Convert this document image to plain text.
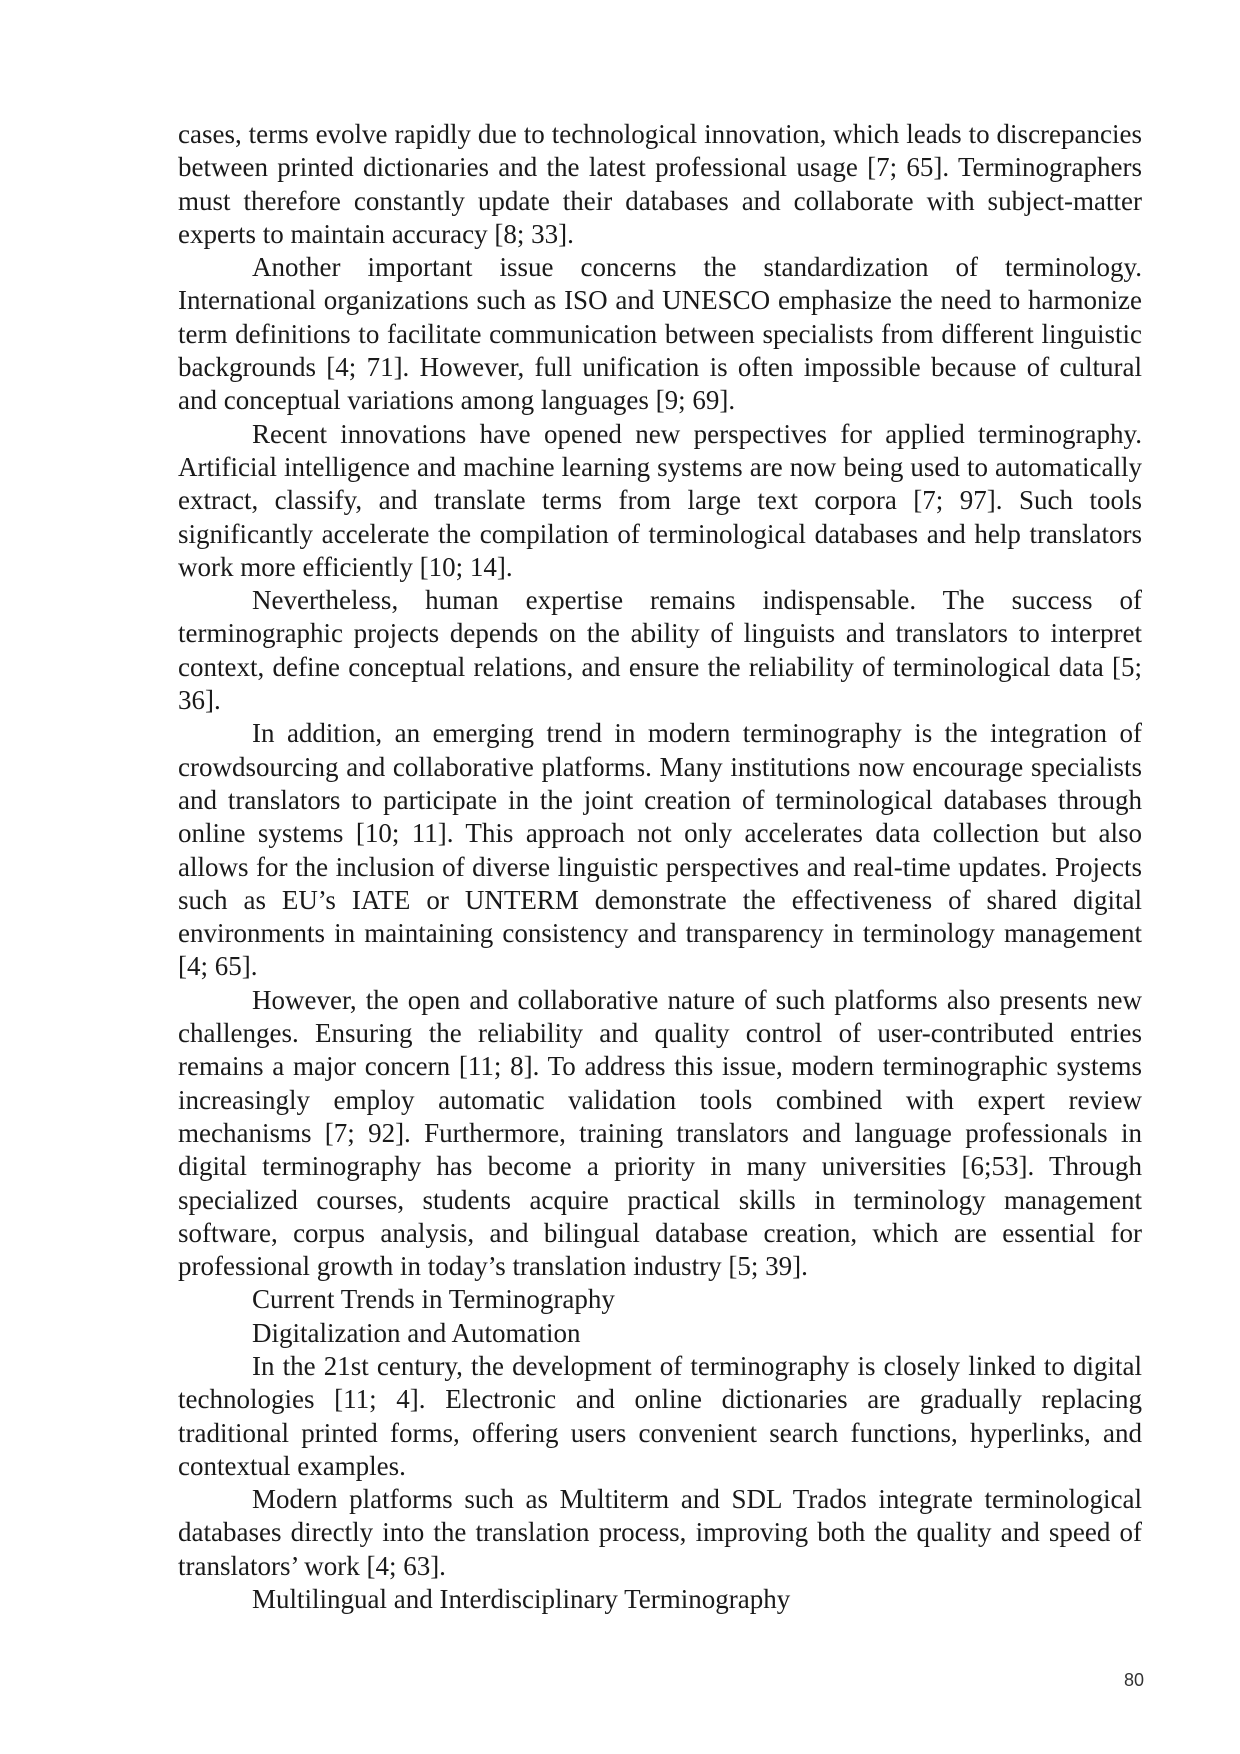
cases, terms evolve rapidly due to technological innovation, which leads to discrepancies between printed dictionaries and the latest professional usage [7; 65]. Terminographers must therefore constantly update their databases and collaborate with subject-matter experts to maintain accuracy [8; 33].

Another important issue concerns the standardization of terminology. International organizations such as ISO and UNESCO emphasize the need to harmonize term definitions to facilitate communication between specialists from different linguistic backgrounds [4; 71]. However, full unification is often impossible because of cultural and conceptual variations among languages [9; 69].

Recent innovations have opened new perspectives for applied terminography. Artificial intelligence and machine learning systems are now being used to automatically extract, classify, and translate terms from large text corpora [7; 97]. Such tools significantly accelerate the compilation of terminological databases and help translators work more efficiently [10; 14].

Nevertheless, human expertise remains indispensable. The success of terminographic projects depends on the ability of linguists and translators to interpret context, define conceptual relations, and ensure the reliability of terminological data [5; 36].

In addition, an emerging trend in modern terminography is the integration of crowdsourcing and collaborative platforms. Many institutions now encourage specialists and translators to participate in the joint creation of terminological databases through online systems [10; 11]. This approach not only accelerates data collection but also allows for the inclusion of diverse linguistic perspectives and real-time updates. Projects such as EU’s IATE or UNTERM demonstrate the effectiveness of shared digital environments in maintaining consistency and transparency in terminology management [4; 65].

However, the open and collaborative nature of such platforms also presents new challenges. Ensuring the reliability and quality control of user-contributed entries remains a major concern [11; 8]. To address this issue, modern terminographic systems increasingly employ automatic validation tools combined with expert review mechanisms [7; 92]. Furthermore, training translators and language professionals in digital terminography has become a priority in many universities [6;53]. Through specialized courses, students acquire practical skills in terminology management software, corpus analysis, and bilingual database creation, which are essential for professional growth in today’s translation industry [5; 39].

Current Trends in Terminography

Digitalization and Automation

In the 21st century, the development of terminography is closely linked to digital technologies [11; 4]. Electronic and online dictionaries are gradually replacing traditional printed forms, offering users convenient search functions, hyperlinks, and contextual examples.

Modern platforms such as Multiterm and SDL Trados integrate terminological databases directly into the translation process, improving both the quality and speed of translators’ work [4; 63].

Multilingual and Interdisciplinary Terminography

80
